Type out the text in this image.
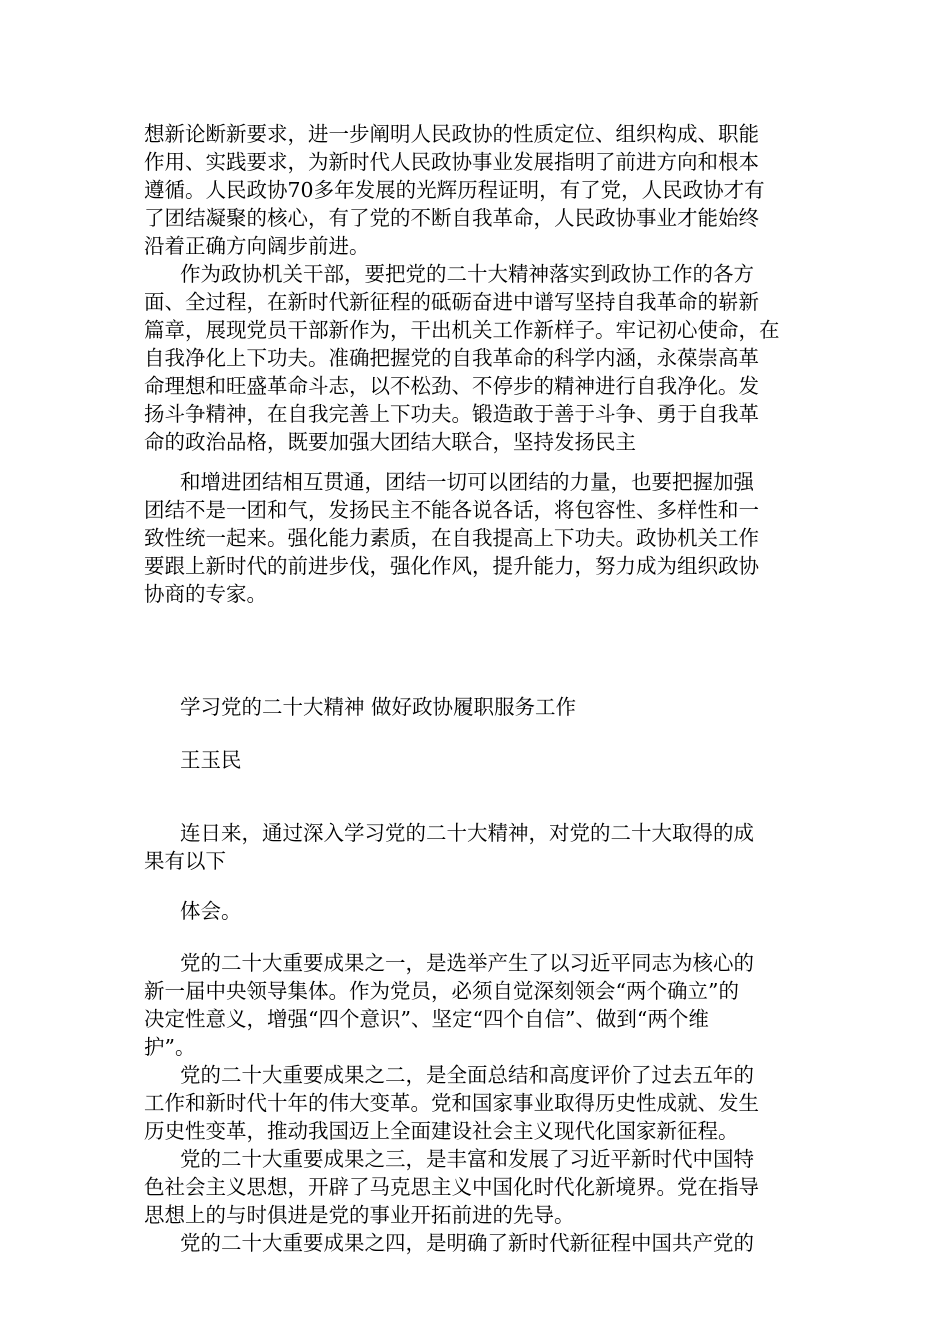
想新论断新要求，进一步阐明人民政协的性质定位、组织构成、职能
作用、实践要求，为新时代人民政协事业发展指明了前进方向和根本
遵循。人民政协70多年发展的光辉历程证明，有了党，人民政协才有
了团结凝聚的核心，有了党的不断自我革命，人民政协事业才能始终
沿着正确方向阔步前进。
作为政协机关干部，要把党的二十大精神落实到政协工作的各方
面、全过程，在新时代新征程的砥砺奋进中谱写坚持自我革命的崭新
篇章，展现党员干部新作为，干出机关工作新样子。牢记初心使命，在
自我净化上下功夫。准确把握党的自我革命的科学内涵，永葆崇高革
命理想和旺盛革命斗志，以不松劲、不停步的精神进行自我净化。发
扬斗争精神，在自我完善上下功夫。锻造敢于善于斗争、勇于自我革
命的政治品格，既要加强大团结大联合，坚持发扬民主
和增进团结相互贯通，团结一切可以团结的力量，也要把握加强
团结不是一团和气，发扬民主不能各说各话，将包容性、多样性和一
致性统一起来。强化能力素质，在自我提高上下功夫。政协机关工作
要跟上新时代的前进步伐，强化作风，提升能力，努力成为组织政协
协商的专家。
学习党的二十大精神 做好政协履职服务工作
王玉民
连日来，通过深入学习党的二十大精神，对党的二十大取得的成
果有以下
体会。
党的二十大重要成果之一，是选举产生了以习近平同志为核心的
新一届中央领导集体。作为党员，必须自觉深刻领会“两个确立”的
决定性意义，增强“四个意识”、坚定“四个自信”、做到“两个维
护”。
党的二十大重要成果之二，是全面总结和高度评价了过去五年的
工作和新时代十年的伟大变革。党和国家事业取得历史性成就、发生
历史性变革，推动我国迈上全面建设社会主义现代化国家新征程。
党的二十大重要成果之三，是丰富和发展了习近平新时代中国特
色社会主义思想，开辟了马克思主义中国化时代化新境界。党在指导
思想上的与时俱进是党的事业开拓前进的先导。
党的二十大重要成果之四，是明确了新时代新征程中国共产党的
